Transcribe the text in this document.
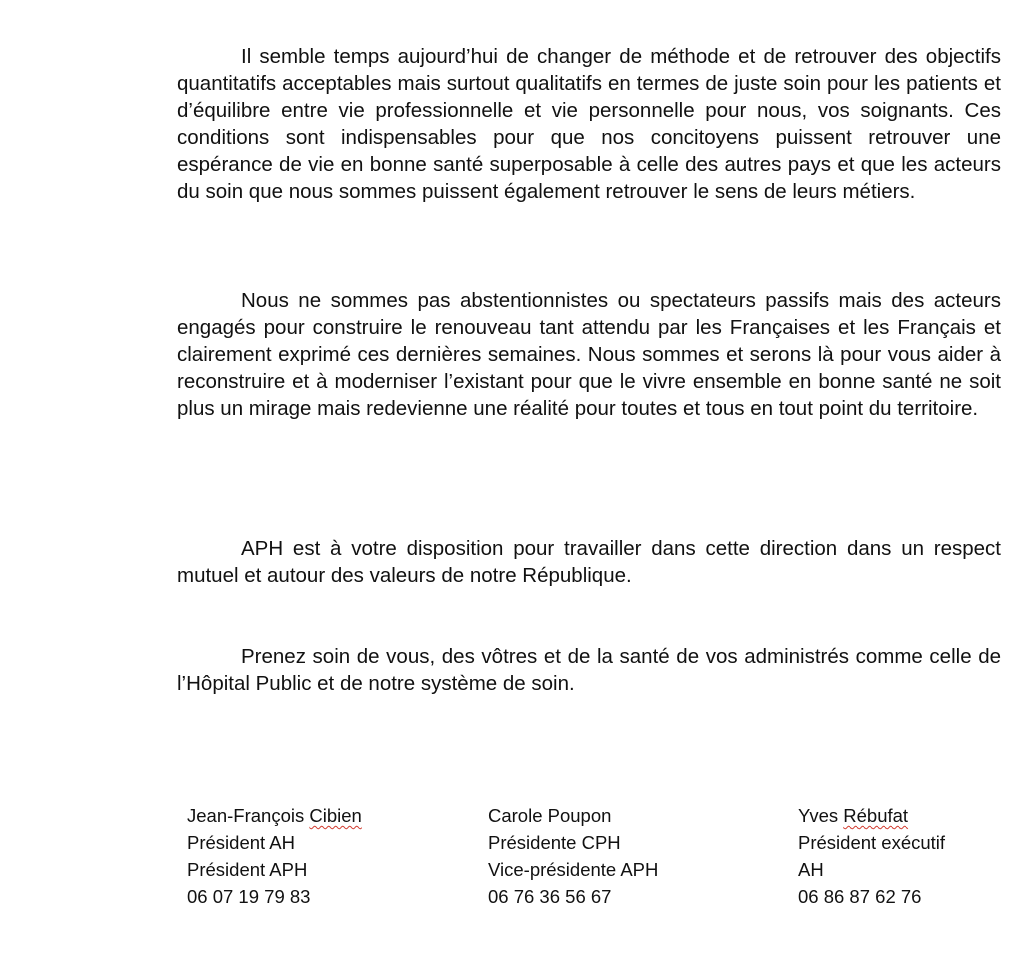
Il semble temps aujourd’hui de changer de méthode et de retrouver des objectifs quantitatifs acceptables mais surtout qualitatifs en termes de juste soin pour les patients et d’équilibre entre vie professionnelle et vie personnelle pour nous, vos soignants. Ces conditions sont indispensables pour que nos concitoyens puissent retrouver une espérance de vie en bonne santé superposable à celle des autres pays et que les acteurs du soin que nous sommes puissent également retrouver le sens de leurs métiers.

Nous ne sommes pas abstentionnistes ou spectateurs passifs mais des acteurs engagés pour construire le renouveau tant attendu par les Françaises et les Français et clairement exprimé ces dernières semaines. Nous sommes et serons là pour vous aider à reconstruire et à moderniser l’existant pour que le vivre ensemble en bonne santé ne soit plus un mirage mais redevienne une réalité pour toutes et tous en tout point du territoire.

APH est à votre disposition pour travailler dans cette direction dans un respect mutuel et autour des valeurs de notre République.

Prenez soin de vous, des vôtres et de la santé de vos administrés comme celle de l’Hôpital Public et de notre système de soin.

Jean-François Cibien
Président AH
Président APH
06 07 19 79 83
Carole Poupon
Présidente CPH
Vice-présidente APH
06 76 36 56 67
Yves Rébufat
Président exécutif
AH
06 86 87 62 76
